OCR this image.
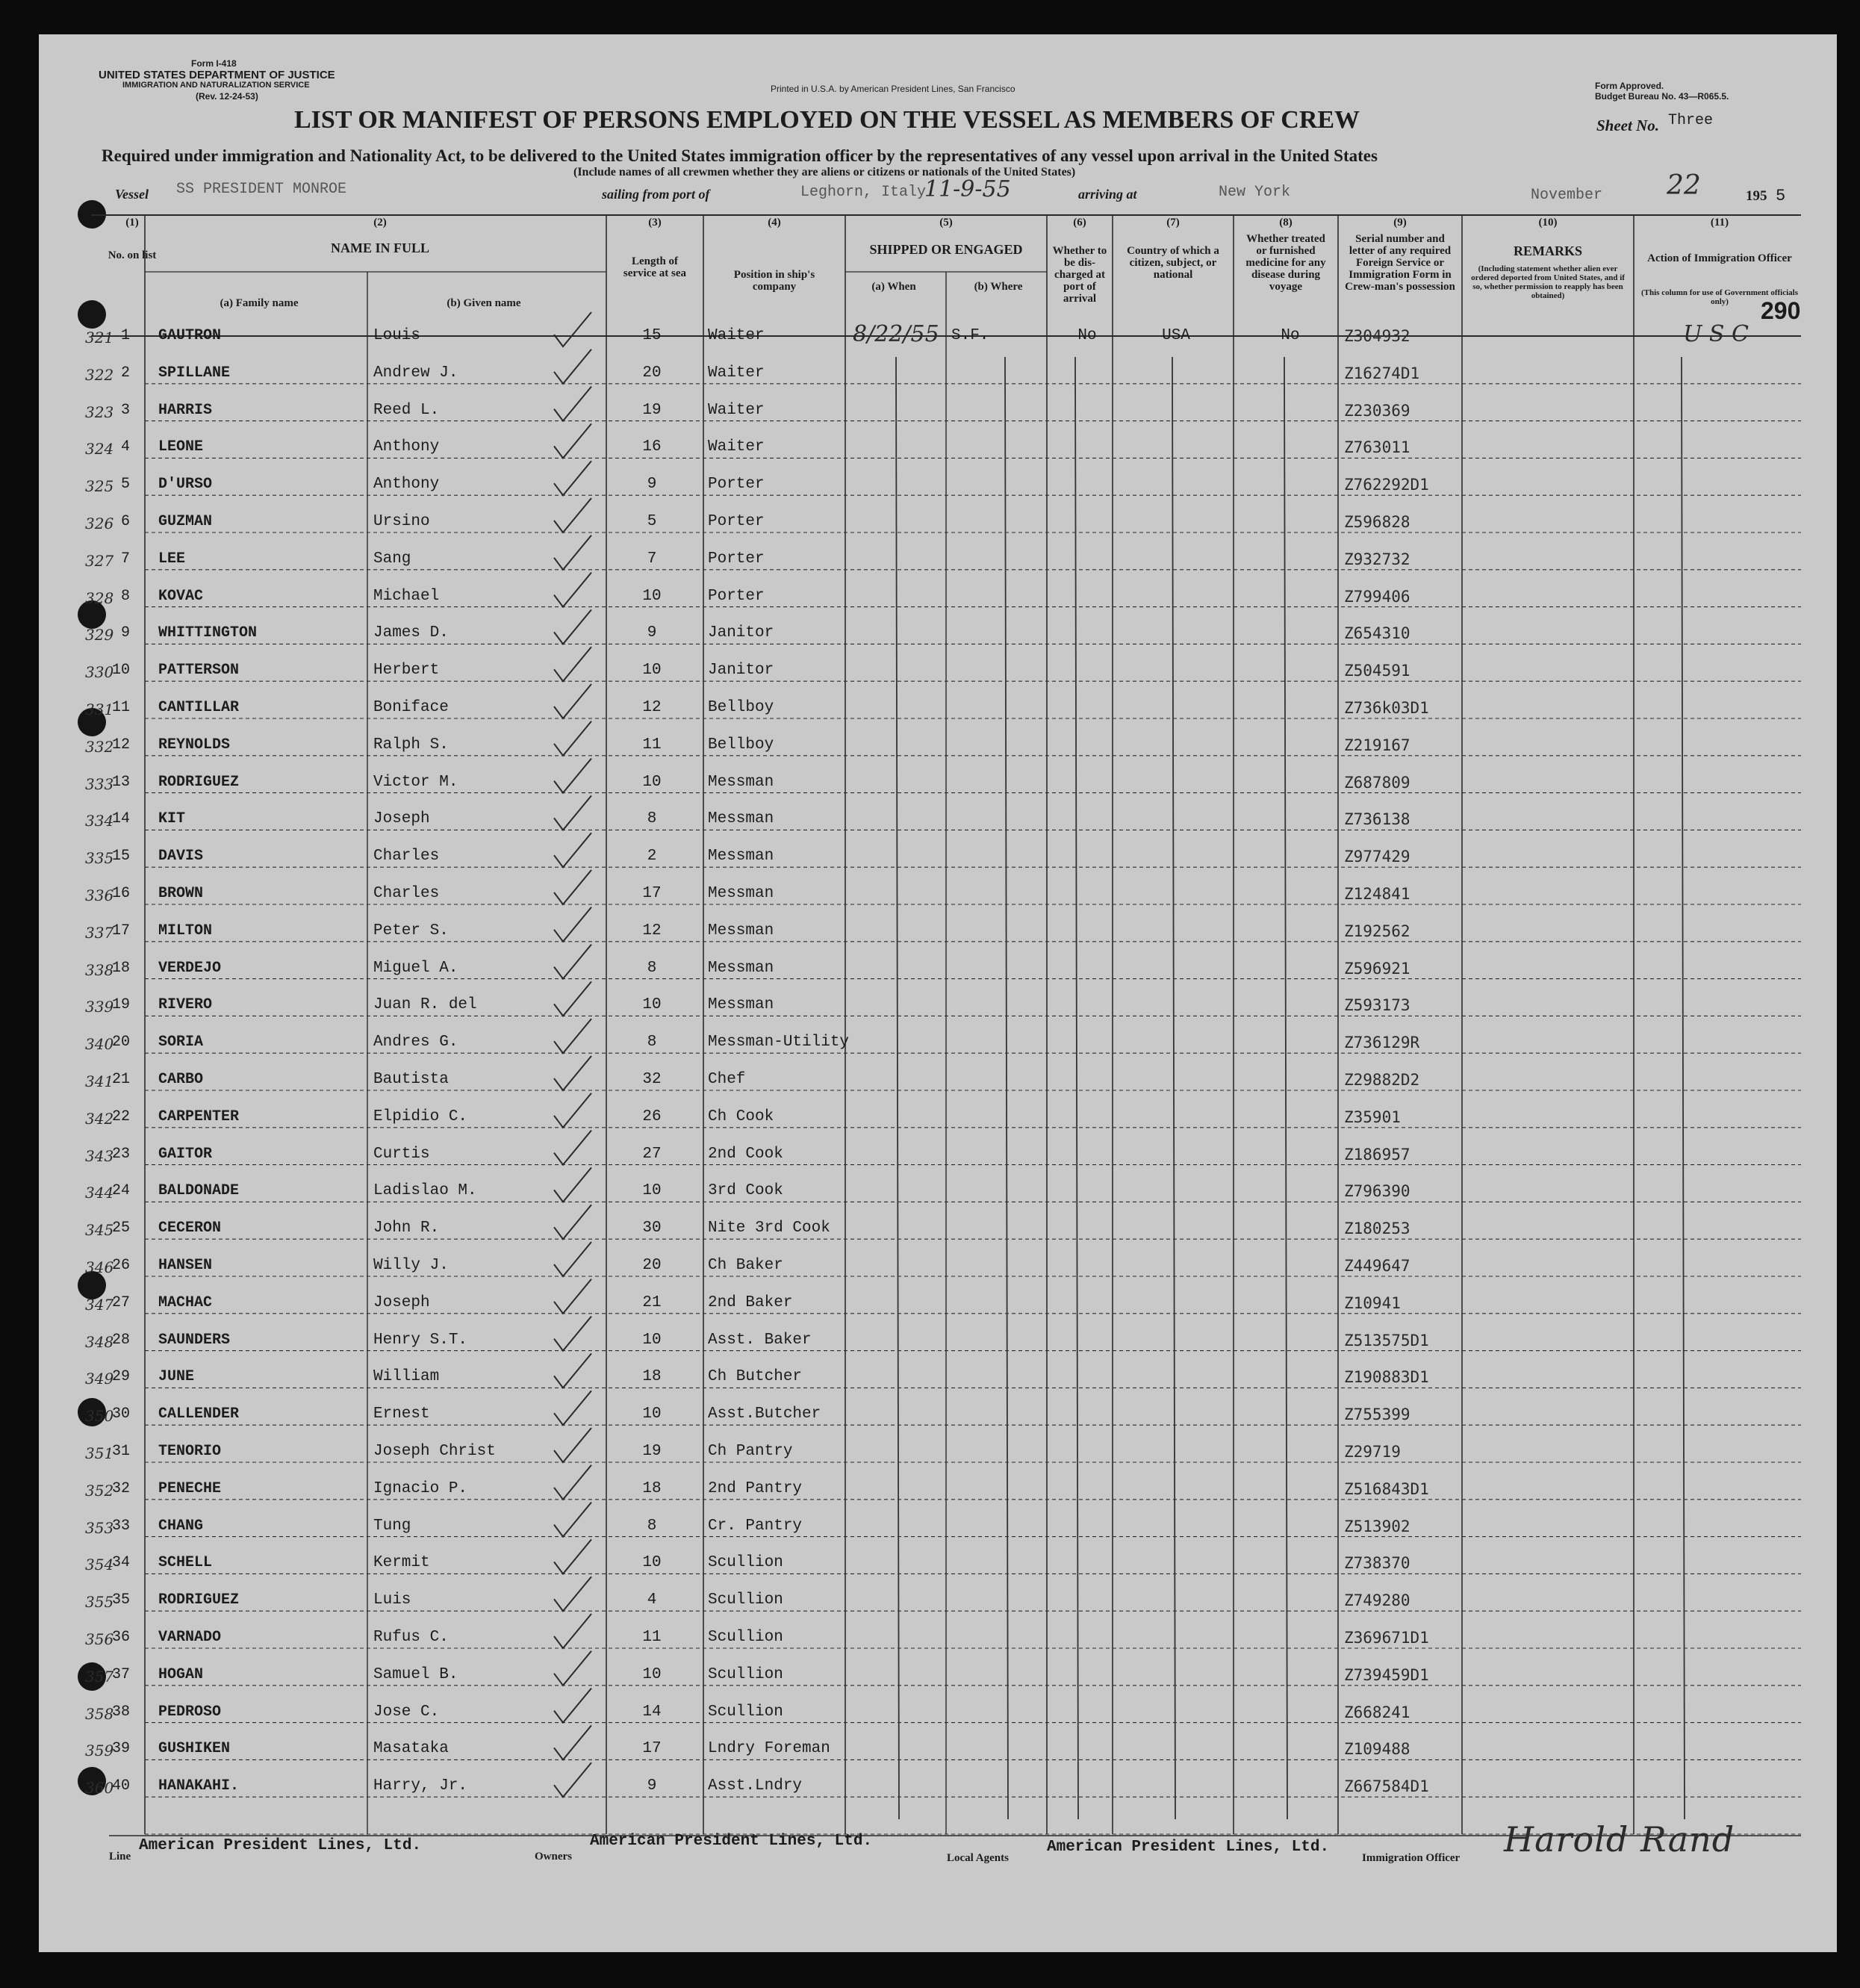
Form I-418
UNITED STATES DEPARTMENT OF JUSTICE
IMMIGRATION AND NATURALIZATION SERVICE
(Rev. 12-24-53)
Printed in U.S.A. by American President Lines, San Francisco	Form Approved.
Budget Bureau No. 43—R065.5.
LIST OR MANIFEST OF PERSONS EMPLOYED ON THE VESSEL AS MEMBERS OF CREW	Sheet No. Three
Required under immigration and Nationality Act, to be delivered to the United States immigration officer by the representatives of any vessel upon arrival in the United States
(Include names of all crewmen whether they are aliens or citizens or nationals of the United States)
Vessel SS PRESIDENT MONROE	sailing from port of	Leghorn, Italy
11-9-55	arriving at	New York	November 22	195 5
290
(1)
No. on list
(2)
NAME IN FULL
(a) Family name	(b) Given name
(3)
Length of service at sea
(4)
Position in ship's company
(5)
SHIPPED OR ENGAGED
(a) When	(b) Where
(6)
Whether to be dis-charged at port of arrival
(7)
Country of which a citizen, subject, or national
(8)
Whether treated or furnished medicine for any disease during voyage
(9)
Serial number and letter of any required Foreign Service or Immigration Form in Crew-man's possession
(10)
REMARKS
(Including statement whether alien ever ordered deported from United States, and if so, whether permission to reapply has been obtained)
(11)
Action of Immigration Officer
(This column for use of Government officials only)
321 1 GAUTRON	Louis	15	Waiter	8/22/55 S.F.	No	USA	No	Z304932	U S C
322 2 SPILLANE	Andrew J.	20	Waiter	Z16274D1
323 3 HARRIS	Reed L.	19	Waiter	Z230369
324 4 LEONE	Anthony	16	Waiter	Z763011
325 5 D'URSO	Anthony	9	Porter	Z762292D1
326 6 GUZMAN	Ursino	5	Porter	Z596828
327 7 LEE	Sang	7	Porter	Z932732
328 8 KOVAC	Michael	10	Porter	Z799406
329 9 WHITTINGTON	James D.	9	Janitor	Z654310
330
10 PATTERSON	Herbert	10	Janitor	Z504591
331
11 CANTILLAR	Boniface	12	Bellboy	Z736k03D1
332
12 REYNOLDS	Ralph S.	11	Bellboy	Z219167
333
13 RODRIGUEZ	Victor M.	10	Messman	Z687809
334
14 KIT	Joseph	8	Messman	Z736138
335
15 DAVIS	Charles	2	Messman	Z977429
336
16 BROWN	Charles	17	Messman	Z124841
337
17 MILTON	Peter S.	12	Messman	Z192562
338
18 VERDEJO	Miguel A.	8	Messman	Z596921
339
19 RIVERO	Juan R. del	10	Messman	Z593173
340
20 SORIA	Andres G.	8	Messman-Utility	Z736129R
341
21 CARBO	Bautista	32	Chef	Z29882D2
342
22 CARPENTER	Elpidio C.	26	Ch Cook	Z35901
343
23 GAITOR	Curtis	27	2nd Cook	Z186957
344
24 BALDONADE	Ladislao M.	10	3rd Cook	Z796390
345
25 CECERON	John R.	30	Nite 3rd Cook	Z180253
346
26 HANSEN	Willy J.	20	Ch Baker	Z449647
347
27 MACHAC	Joseph	21	2nd Baker	Z10941
348
28 SAUNDERS	Henry S.T.	10	Asst. Baker	Z513575D1
349
29 JUNE	William	18	Ch Butcher	Z190883D1
350
30 CALLENDER	Ernest	10	Asst.Butcher	Z755399
351
31 TENORIO	Joseph Christ	19	Ch Pantry	Z29719
352
32 PENECHE	Ignacio P.	18	2nd Pantry	Z516843D1
353
33 CHANG	Tung	8	Cr. Pantry	Z513902
354
34 SCHELL	Kermit	10	Scullion	Z738370
355
35 RODRIGUEZ	Luis	4	Scullion	Z749280
356
36 VARNADO	Rufus C.	11	Scullion	Z369671D1
357
37 HOGAN	Samuel B.	10	Scullion	Z739459D1
358
38 PEDROSO	Jose C.	14	Scullion	Z668241
359
39 GUSHIKEN	Masataka	17	Lndry Foreman	Z109488
360
40 HANAKAHI.	Harry, Jr.	9	Asst.Lndry	Z667584D1
Line
American President Lines, Ltd.
Owners
American President Lines, Ltd.
Local Agents
American President Lines, Ltd.
Immigration Officer Harold Rand
